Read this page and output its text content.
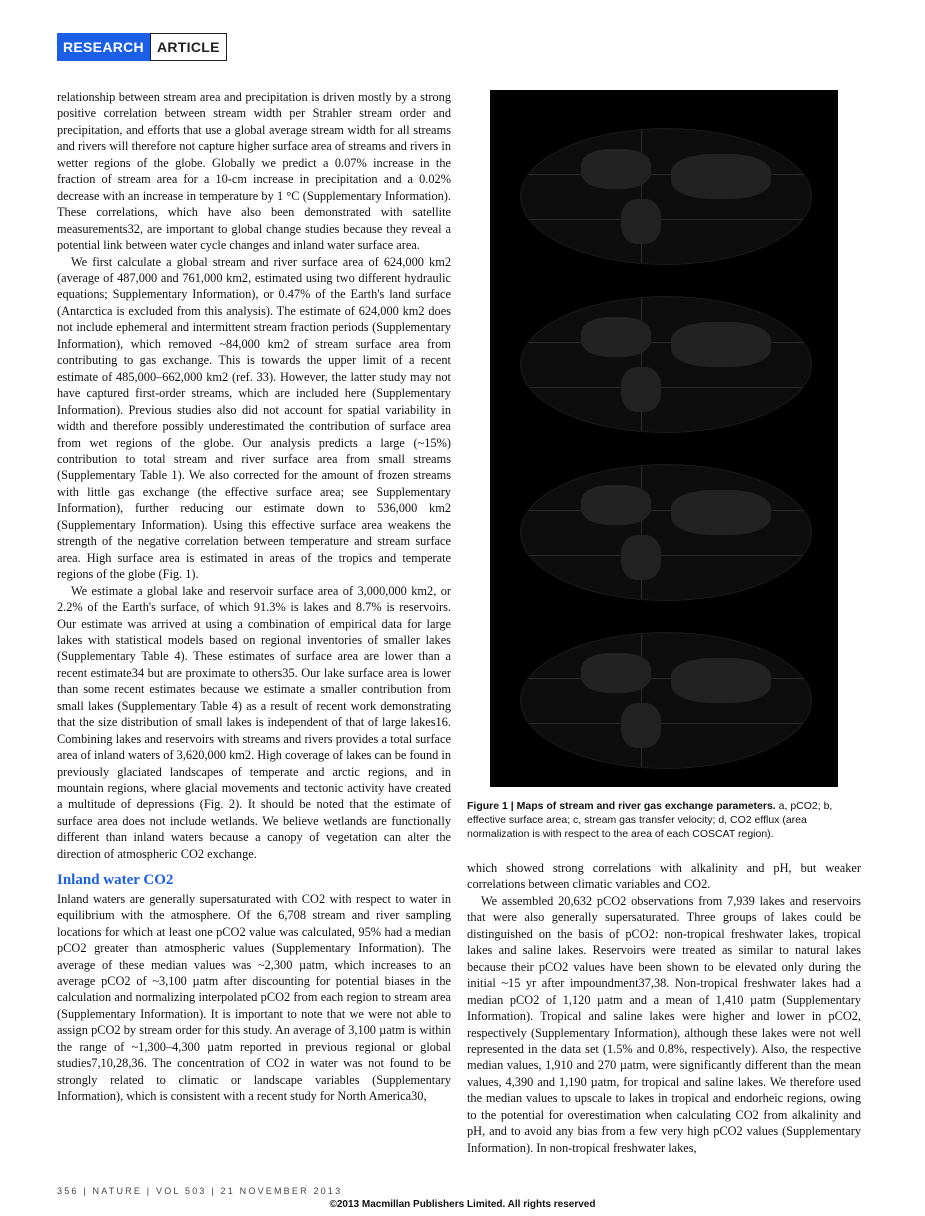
RESEARCH ARTICLE

relationship between stream area and precipitation is driven mostly by a strong positive correlation between stream width per Strahler stream order and precipitation, and efforts that use a global average stream width for all streams and rivers will therefore not capture higher surface area of streams and rivers in wetter regions of the globe. Globally we predict a 0.07% increase in the fraction of stream area for a 10-cm increase in precipitation and a 0.02% decrease with an increase in temperature by 1 °C (Supplementary Information). These correlations, which have also been demonstrated with satellite measurements32, are important to global change studies because they reveal a potential link between water cycle changes and inland water surface area.

We first calculate a global stream and river surface area of 624,000 km2 (average of 487,000 and 761,000 km2, estimated using two different hydraulic equations; Supplementary Information), or 0.47% of the Earth's land surface (Antarctica is excluded from this analysis). The estimate of 624,000 km2 does not include ephemeral and intermittent stream fraction periods (Supplementary Information), which removed ~84,000 km2 of stream surface area from contributing to gas exchange. This is towards the upper limit of a recent estimate of 485,000–662,000 km2 (ref. 33). However, the latter study may not have captured first-order streams, which are included here (Supplementary Information). Previous studies also did not account for spatial variability in width and therefore possibly underestimated the contribution of surface area from wet regions of the globe. Our analysis predicts a large (~15%) contribution to total stream and river surface area from small streams (Supplementary Table 1). We also corrected for the amount of frozen streams with little gas exchange (the effective surface area; see Supplementary Information), further reducing our estimate down to 536,000 km2 (Supplementary Information). Using this effective surface area weakens the strength of the negative correlation between temperature and stream surface area. High surface area is estimated in areas of the tropics and temperate regions of the globe (Fig. 1).

We estimate a global lake and reservoir surface area of 3,000,000 km2, or 2.2% of the Earth's surface, of which 91.3% is lakes and 8.7% is reservoirs. Our estimate was arrived at using a combination of empirical data for large lakes with statistical models based on regional inventories of smaller lakes (Supplementary Table 4). These estimates of surface area are lower than a recent estimate34 but are proximate to others35. Our lake surface area is lower than some recent estimates because we estimate a smaller contribution from small lakes (Supplementary Table 4) as a result of recent work demonstrating that the size distribution of small lakes is independent of that of large lakes16. Combining lakes and reservoirs with streams and rivers provides a total surface area of inland waters of 3,620,000 km2. High coverage of lakes can be found in previously glaciated landscapes of temperate and arctic regions, and in mountain regions, where glacial movements and tectonic activity have created a multitude of depressions (Fig. 2). It should be noted that the estimate of surface area does not include wetlands. We believe wetlands are functionally different than inland waters because a canopy of vegetation can alter the direction of atmospheric CO2 exchange.

Inland water CO2

Inland waters are generally supersaturated with CO2 with respect to water in equilibrium with the atmosphere. Of the 6,708 stream and river sampling locations for which at least one pCO2 value was calculated, 95% had a median pCO2 greater than atmospheric values (Supplementary Information). The average of these median values was ~2,300 µatm, which increases to an average pCO2 of ~3,100 µatm after discounting for potential biases in the calculation and normalizing interpolated pCO2 from each region to stream area (Supplementary Information). It is important to note that we were not able to assign pCO2 by stream order for this study. An average of 3,100 µatm is within the range of ~1,300–4,300 µatm reported in previous regional or global studies7,10,28,36. The concentration of CO2 in water was not found to be strongly related to climatic or landscape variables (Supplementary Information), which is consistent with a recent study for North America30,

Figure 1 | Maps of stream and river gas exchange parameters. a, pCO2; b, effective surface area; c, stream gas transfer velocity; d, CO2 efflux (area normalization is with respect to the area of each COSCAT region).

which showed strong correlations with alkalinity and pH, but weaker correlations between climatic variables and CO2.

We assembled 20,632 pCO2 observations from 7,939 lakes and reservoirs that were also generally supersaturated. Three groups of lakes could be distinguished on the basis of pCO2: non-tropical freshwater lakes, tropical lakes and saline lakes. Reservoirs were treated as similar to natural lakes because their pCO2 values have been shown to be elevated only during the initial ~15 yr after impoundment37,38. Non-tropical freshwater lakes had a median pCO2 of 1,120 µatm and a mean of 1,410 µatm (Supplementary Information). Tropical and saline lakes were higher and lower in pCO2, respectively (Supplementary Information), although these lakes were not well represented in the data set (1.5% and 0.8%, respectively). Also, the respective median values, 1,910 and 270 µatm, were significantly different than the mean values, 4,390 and 1,190 µatm, for tropical and saline lakes. We therefore used the median values to upscale to lakes in tropical and endorheic regions, owing to the potential for overestimation when calculating CO2 from alkalinity and pH, and to avoid any bias from a few very high pCO2 values (Supplementary Information). In non-tropical freshwater lakes,

356 | NATURE | VOL 503 | 21 NOVEMBER 2013
©2013 Macmillan Publishers Limited. All rights reserved
